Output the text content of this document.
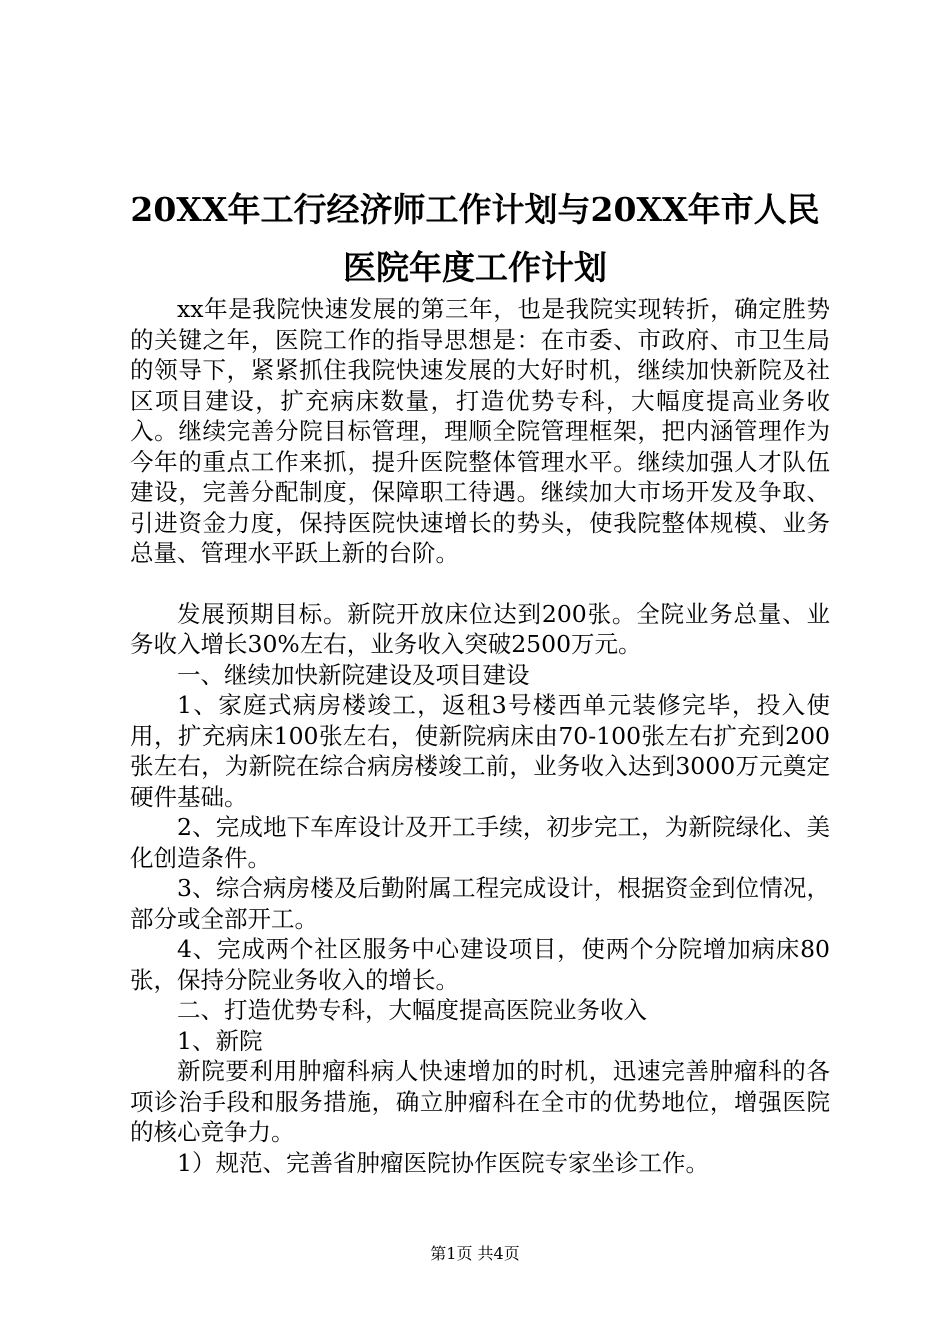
20XX年工行经济师工作计划与20XX年市人民
医院年度工作计划

xx年是我院快速发展的第三年，也是我院实现转折，确定胜势的关键之年，医院工作的指导思想是：在市委、市政府、市卫生局的领导下，紧紧抓住我院快速发展的大好时机，继续加快新院及社区项目建设，扩充病床数量，打造优势专科，大幅度提高业务收入。继续完善分院目标管理，理顺全院管理框架，把内涵管理作为今年的重点工作来抓，提升医院整体管理水平。继续加强人才队伍建设，完善分配制度，保障职工待遇。继续加大市场开发及争取、引进资金力度，保持医院快速增长的势头，使我院整体规模、业务总量、管理水平跃上新的台阶。

发展预期目标。新院开放床位达到200张。全院业务总量、业务收入增长30%左右，业务收入突破2500万元。

一、继续加快新院建设及项目建设

1、家庭式病房楼竣工，返租3号楼西单元装修完毕，投入使用，扩充病床100张左右，使新院病床由70-100张左右扩充到200张左右，为新院在综合病房楼竣工前，业务收入达到3000万元奠定硬件基础。

2、完成地下车库设计及开工手续，初步完工，为新院绿化、美化创造条件。

3、综合病房楼及后勤附属工程完成设计，根据资金到位情况，部分或全部开工。

4、完成两个社区服务中心建设项目，使两个分院增加病床80张，保持分院业务收入的增长。

二、打造优势专科，大幅度提高医院业务收入

1、新院

新院要利用肿瘤科病人快速增加的时机，迅速完善肿瘤科的各项诊治手段和服务措施，确立肿瘤科在全市的优势地位，增强医院的核心竞争力。

1）规范、完善省肿瘤医院协作医院专家坐诊工作。

第1页 共4页
